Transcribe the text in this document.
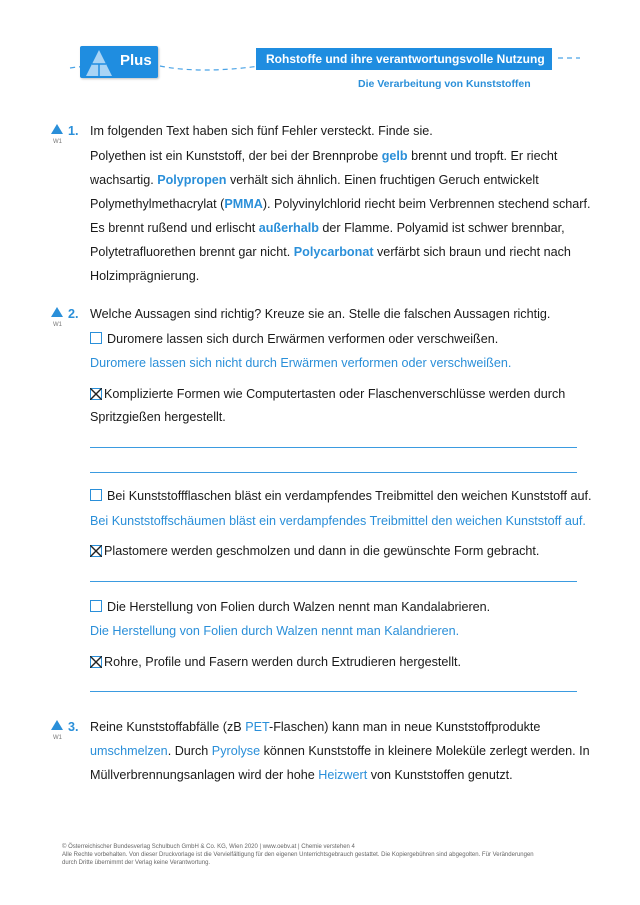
Plus	Rohstoffe und ihre verantwortungsvolle Nutzung
Die Verarbeitung von Kunststoffen
W1
1. Im folgenden Text haben sich fünf Fehler versteckt. Finde sie.
Polyethen ist ein Kunststoff, der bei der Brennprobe gelb brennt und tropft. Er riecht
wachsartig. Polypropen verhält sich ähnlich. Einen fruchtigen Geruch entwickelt
Polymethylmethacrylat (PMMA). Polyvinylchlorid riecht beim Verbrennen stechend scharf.
Es brennt rußend und erlischt außerhalb der Flamme. Polyamid ist schwer brennbar,
Polytetrafluorethen brennt gar nicht. Polycarbonat verfärbt sich braun und riecht nach
Holzimprägnierung.
W1
2. Welche Aussagen sind richtig? Kreuze sie an. Stelle die falschen Aussagen richtig.
Duromere lassen sich durch Erwärmen verformen oder verschweißen.
Duromere lassen sich nicht durch Erwärmen verformen oder verschweißen.
Komplizierte Formen wie Computertasten oder Flaschenverschlüsse werden durch
Spritzgießen hergestellt.
Bei Kunststoffflaschen bläst ein verdampfendes Treibmittel den weichen Kunststoff auf.
Bei Kunststoffschäumen bläst ein verdampfendes Treibmittel den weichen Kunststoff auf.
Plastomere werden geschmolzen und dann in die gewünschte Form gebracht.
Die Herstellung von Folien durch Walzen nennt man Kandalabrieren.
Die Herstellung von Folien durch Walzen nennt man Kalandrieren.
Rohre, Profile und Fasern werden durch Extrudieren hergestellt.
W1
3. Reine Kunststoffabfälle (zB PET-Flaschen) kann man in neue Kunststoffprodukte
umschmelzen. Durch Pyrolyse können Kunststoffe in kleinere Moleküle zerlegt werden. In
Müllverbrennungsanlagen wird der hohe Heizwert von Kunststoffen genutzt.
© Österreichischer Bundesverlag Schulbuch GmbH & Co. KG, Wien 2020 | www.oebv.at | Chemie verstehen 4
Alle Rechte vorbehalten. Von dieser Druckvorlage ist die Vervielfältigung für den eigenen Unterrichtsgebrauch gestattet. Die Kopiergebühren sind abgegolten. Für Veränderungen
durch Dritte übernimmt der Verlag keine Verantwortung.
